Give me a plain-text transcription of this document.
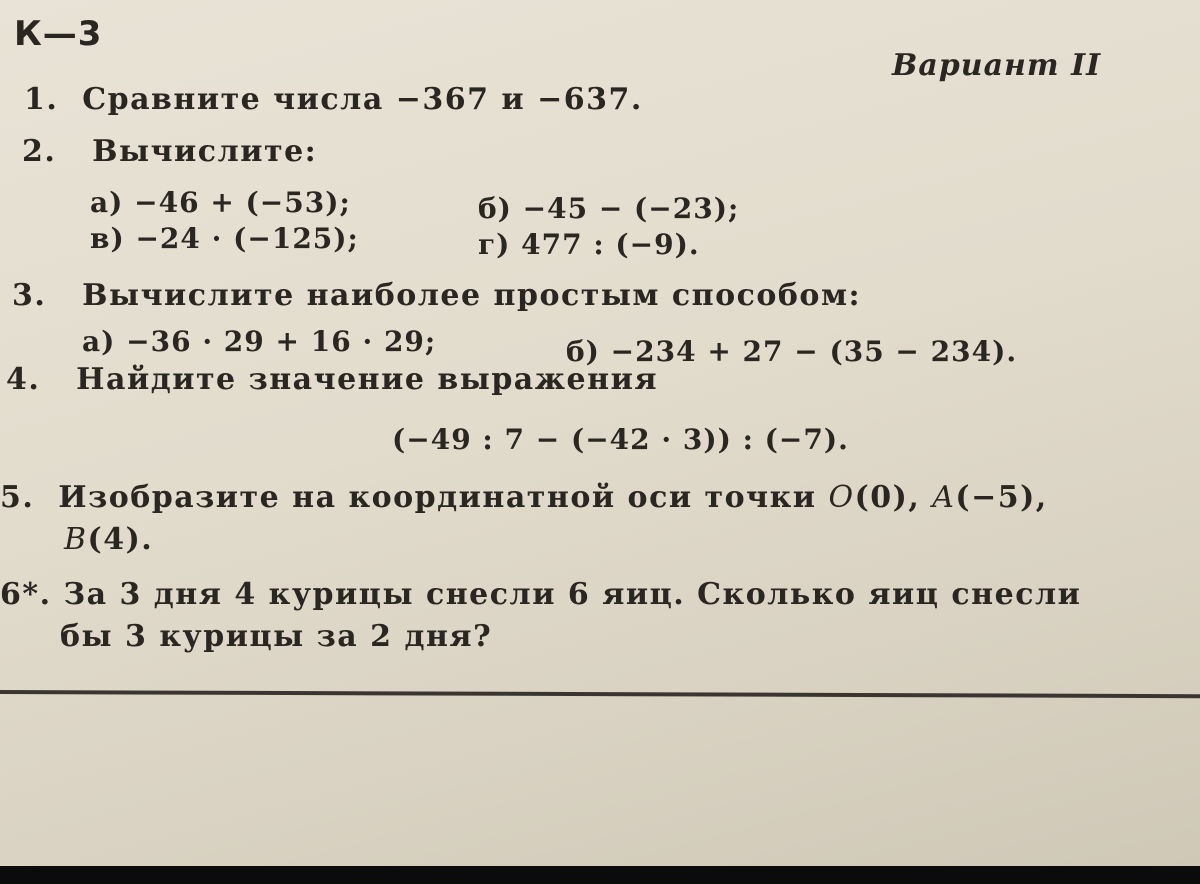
К—3
Вариант II
1. Сравните числа −367 и −637.
2. Вычислите:
а) −46 + (−53);	б) −45 − (−23);
в) −24 · (−125);	г) 477 : (−9).
3. Вычислите наиболее простым способом:
а) −36 · 29 + 16 · 29;	б) −234 + 27 − (35 − 234).
4. Найдите значение выражения
(−49 : 7 − (−42 · 3)) : (−7).
5. Изобразите на координатной оси точки O(0), A(−5),
B(4).
6*. За 3 дня 4 курицы снесли 6 яиц. Сколько яиц снесли
бы 3 курицы за 2 дня?
